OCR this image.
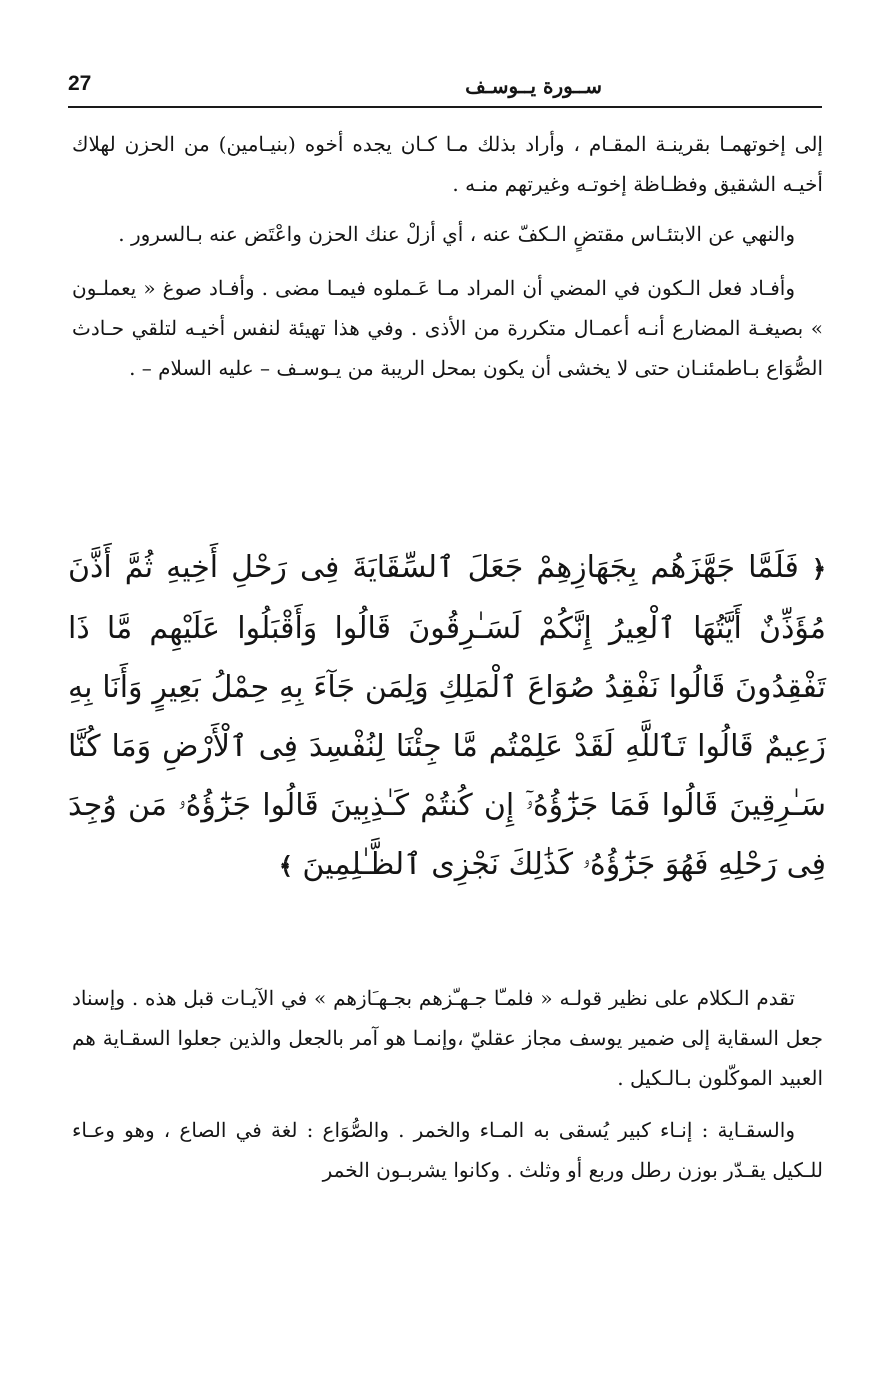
27	ســورة يــوسـف

إلى إخوتهمـا بقرينـة المقـام ، وأراد بذلك مـا كـان يجده أخوه (بنيـامين) من الحزن لهلاك أخيـه الشقيق وفظـاظة إخوتـه وغيرتهم منـه .

والنهي عن الابتئـاس مقتضٍ الـكفّ عنه ، أي أزلْ عنك الحزن واعْتَض عنه بـالسرور .

وأفـاد فعل الـكون في المضي أن المراد مـا عَـملوه فيمـا مضى . وأفـاد صوغ « يعملـون » بصيغـة المضارع أنـه أعمـال متكررة من الأذى . وفي هذا تهيئة لنفس أخيـه لتلقي حـادث الصُّوَاع بـاطمئنـان حتى لا يخشى أن يكون بمحل الريبة من يـوسـف – عليه السلام – .

﴿ فَلَمَّا جَهَّزَهُم بِجَهَازِهِمْ جَعَلَ ٱلسِّقَايَةَ فِى رَحْلِ أَخِيهِ ثُمَّ أَذَّنَ مُؤَذِّنٌ أَيَّتُهَا ٱلْعِيرُ إِنَّكُمْ لَسَـٰرِقُونَ قَالُوا وَأَقْبَلُوا عَلَيْهِم مَّا ذَا تَفْقِدُونَ قَالُوا نَفْقِدُ صُوَاعَ ٱلْمَلِكِ وَلِمَن جَآءَ بِهِ حِمْلُ بَعِيرٍ وَأَنَا بِهِ زَعِيمٌ قَالُوا تَٱللَّهِ لَقَدْ عَلِمْتُم مَّا جِئْنَا لِنُفْسِدَ فِى ٱلْأَرْضِ وَمَا كُنَّا سَـٰرِقِينَ قَالُوا فَمَا جَزَٰٓؤُهُۥٓ إِن كُنتُمْ كَـٰذِبِينَ قَالُوا جَزَٰٓؤُهُۥ مَن وُجِدَ فِى رَحْلِهِ فَهُوَ جَزَٰٓؤُهُۥ كَذَٰلِكَ نَجْزِى ٱلظَّـٰلِمِينَ ﴾

تقدم الـكلام على نظير قولـه « فلمـّا جـهـّزهم بجـهـَازهم » في الآيـات قبل هذه . وإسناد جعل السقاية إلى ضمير يوسف مجاز عقليّ ،وإنمـا هو آمر بالجعل والذين جعلوا السقـاية هم العبيد الموكّلون بـالـكيل .

والسقـاية : إنـاء كبير يُسقى به المـاء والخمر . والصُّوَاع : لغة في الصاع ، وهو وعـاء للـكيل يقـدّر بوزن رطل وربع أو وثلث . وكانوا يشربـون الخمر
